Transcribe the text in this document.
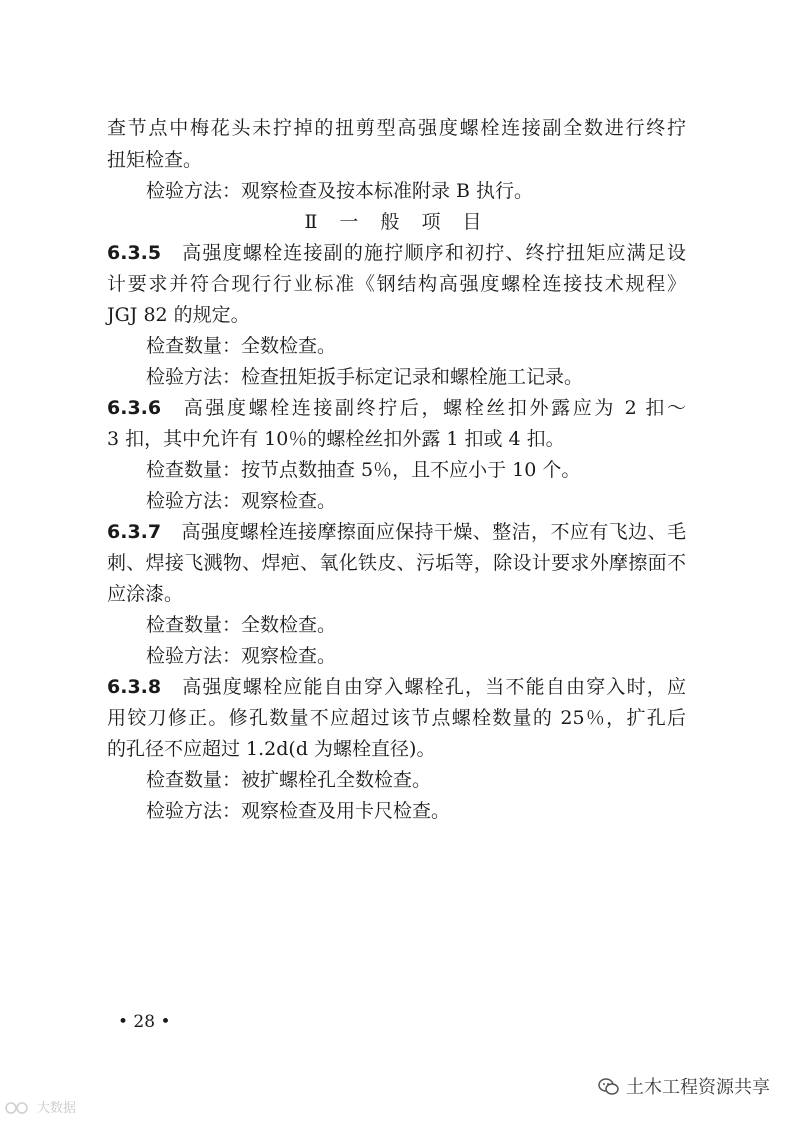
查节点中梅花头未拧掉的扭剪型高强度螺栓连接副全数进行终拧
扭矩检查。
检验方法：观察检查及按本标准附录 B 执行。
Ⅱ 一 般 项 目
6.3.5 高强度螺栓连接副的施拧顺序和初拧、终拧扭矩应满足设
计要求并符合现行行业标准《钢结构高强度螺栓连接技术规程》
JGJ 82 的规定。
检查数量：全数检查。
检验方法：检查扭矩扳手标定记录和螺栓施工记录。
6.3.6 高强度螺栓连接副终拧后，螺栓丝扣外露应为 2 扣～
3 扣，其中允许有 10％的螺栓丝扣外露 1 扣或 4 扣。
检查数量：按节点数抽查 5％，且不应小于 10 个。
检验方法：观察检查。
6.3.7 高强度螺栓连接摩擦面应保持干燥、整洁，不应有飞边、毛
刺、焊接飞溅物、焊疤、氧化铁皮、污垢等，除设计要求外摩擦面不
应涂漆。
检查数量：全数检查。
检验方法：观察检查。
6.3.8 高强度螺栓应能自由穿入螺栓孔，当不能自由穿入时，应
用铰刀修正。修孔数量不应超过该节点螺栓数量的 25％，扩孔后
的孔径不应超过 1.2d(d 为螺栓直径)。
检查数量：被扩螺栓孔全数检查。
检验方法：观察检查及用卡尺检查。
• 28 •
土木工程资源共享
大数据
